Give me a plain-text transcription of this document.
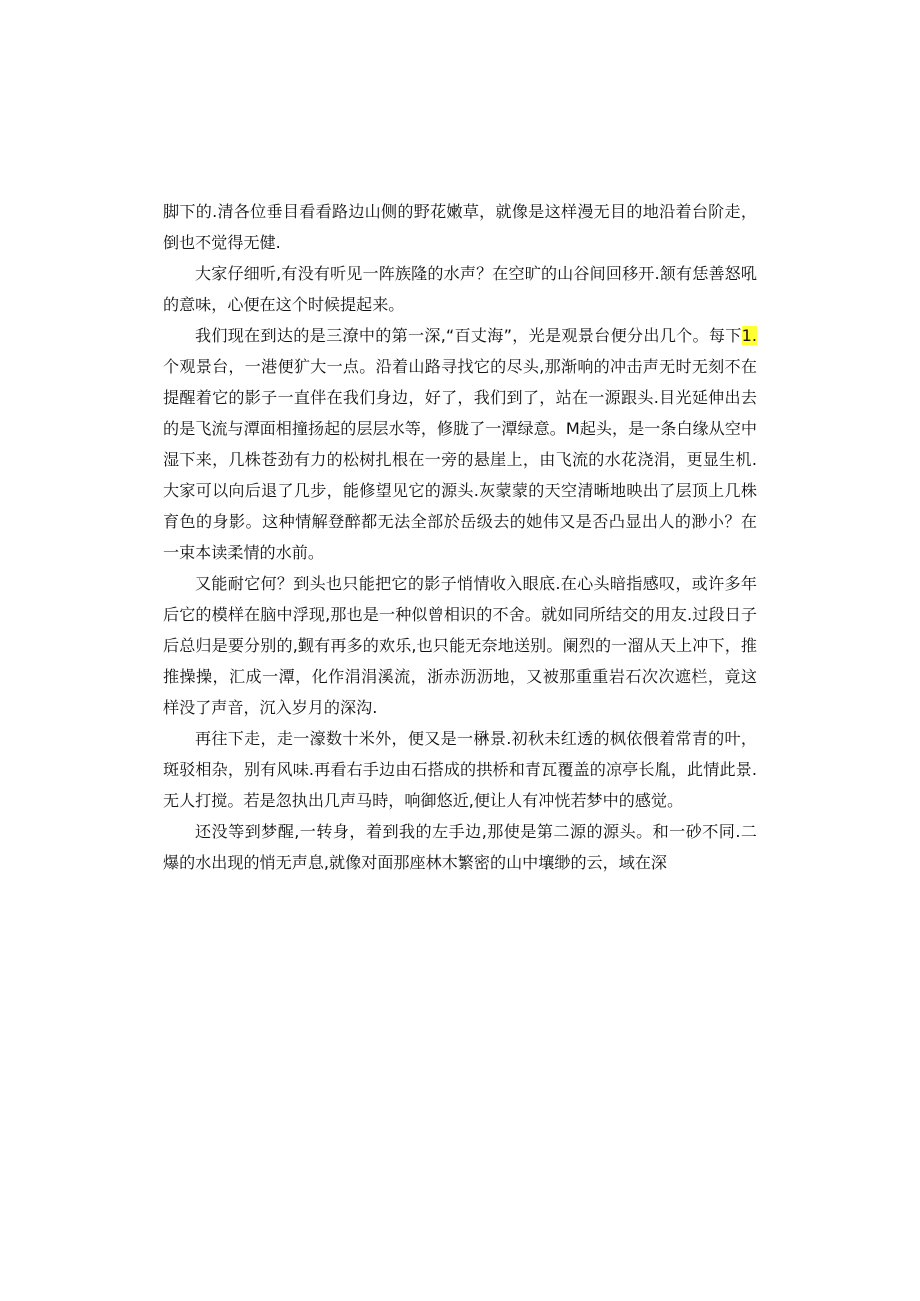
脚下的.清各位垂目看看路边山侧的野花嫩草，就像是这样漫无目的地沿着台阶走，倒也不觉得无健.

大家仔细听,有没有听见一阵族隆的水声？在空旷的山谷间回移开.颔有恁善怒吼的意味，心便在这个时候提起来。

我们现在到达的是三潦中的第一深,“百丈海”，光是观景台便分出几个。每下1.个观景台，一港便犷大一点。沿着山路寻找它的尽头,那渐响的冲击声无时无刻不在提醒着它的影子一直伴在我们身边，好了，我们到了，站在一源跟头.目光延伸出去的是飞流与潭面相撞扬起的层层水等，修胧了一潭绿意。M起头，是一条白缘从空中湿下来，几株苍劲有力的松树扎根在一旁的悬崖上，由飞流的水花浇涓，更显生机.大家可以向后退了几步，能修望见它的源头.灰蒙蒙的天空清晰地映出了层顶上几株育色的身影。这种情解登醉都无法全部於岳级去的她伟又是否凸显出人的渺小？在一束本读柔情的水前。

又能耐它何？到头也只能把它的影子悄情收入眼底.在心头暗指感叹，或许多年后它的模样在脑中浮现,那也是一种似曾相识的不舍。就如同所结交的用友.过段日子后总归是要分别的,觐有再多的欢乐,也只能无奈地送别。阑烈的一溜从天上冲下，推推操操，汇成一潭，化作涓涓溪流，浙赤沥沥地，又被那重重岩石次次遮栏，竟这样没了声音，沉入岁月的深沟.

再往下走，走一濠数十米外，便又是一楙景.初秋未红透的枫依偎着常青的叶，斑驳相杂，别有风味.再看右手边由石搭成的拱桥和青瓦覆盖的凉亭长胤，此情此景.无人打搅。若是忽执出几声马時，响御悠近,便让人有冲恍若梦中的感觉。

还没等到梦醒,一转身，着到我的左手边,那使是第二源的源头。和一砂不同.二爆的水出现的悄无声息,就像对面那座林木繁密的山中壤缈的云，域在深
